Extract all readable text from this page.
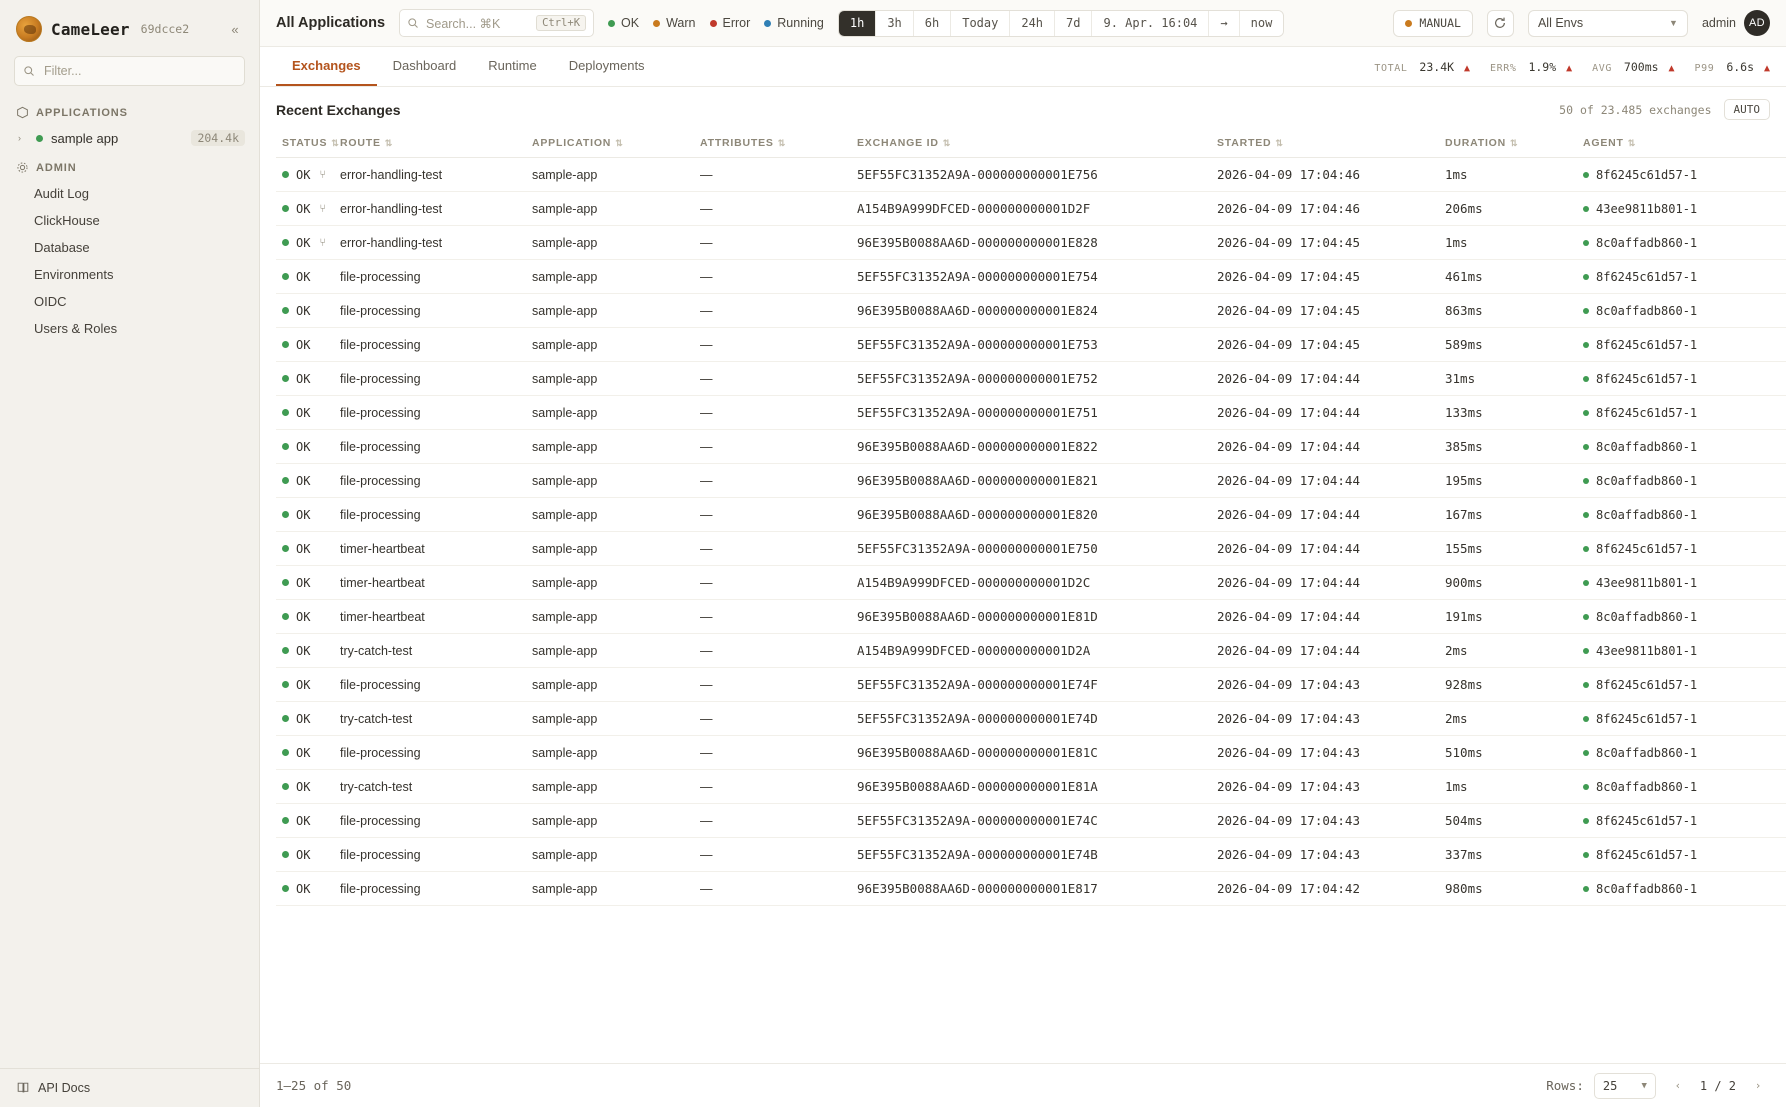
CameLeer 69dcce2	«
Filter...
APPLICATIONS
›	sample app	204.4k
ADMIN
Audit Log
ClickHouse
Database
Environments
OIDC
Users & Roles
API Docs
All Applications	Search... ⌘K	Ctrl+K	OK Warn Error Running	1h	3h	6h	Today	24h	7d	9. Apr. 16:04	→	now	MANUAL	All Envs	▼ admin	AD
Exchanges	Dashboard	Runtime	Deployments	TOTAL 23.4K ▲ ERR% 1.9% ▲ AVG 700ms ▲ P99 6.6s ▲
Recent Exchanges	50 of 23.485 exchanges	AUTO
STATUS ⇅	ROUTE ⇅	APPLICATION ⇅	ATTRIBUTES ⇅	EXCHANGE ID ⇅	STARTED ⇅	DURATION ⇅	AGENT ⇅

OK ⑂	error-handling-test	sample-app	—	5EF55FC31352A9A-000000000001E756	2026-04-09 17:04:46	1ms	8f6245c61d57-1

OK ⑂	error-handling-test	sample-app	—	A154B9A999DFCED-000000000001D2F	2026-04-09 17:04:46	206ms	43ee9811b801-1

OK ⑂	error-handling-test	sample-app	—	96E395B0088AA6D-000000000001E828	2026-04-09 17:04:45	1ms	8c0affadb860-1

OK	file-processing	sample-app	—	5EF55FC31352A9A-000000000001E754	2026-04-09 17:04:45	461ms	8f6245c61d57-1

OK	file-processing	sample-app	—	96E395B0088AA6D-000000000001E824	2026-04-09 17:04:45	863ms	8c0affadb860-1

OK	file-processing	sample-app	—	5EF55FC31352A9A-000000000001E753	2026-04-09 17:04:45	589ms	8f6245c61d57-1

OK	file-processing	sample-app	—	5EF55FC31352A9A-000000000001E752	2026-04-09 17:04:44	31ms	8f6245c61d57-1

OK	file-processing	sample-app	—	5EF55FC31352A9A-000000000001E751	2026-04-09 17:04:44	133ms	8f6245c61d57-1

OK	file-processing	sample-app	—	96E395B0088AA6D-000000000001E822	2026-04-09 17:04:44	385ms	8c0affadb860-1

OK	file-processing	sample-app	—	96E395B0088AA6D-000000000001E821	2026-04-09 17:04:44	195ms	8c0affadb860-1

OK	file-processing	sample-app	—	96E395B0088AA6D-000000000001E820	2026-04-09 17:04:44	167ms	8c0affadb860-1

OK	timer-heartbeat	sample-app	—	5EF55FC31352A9A-000000000001E750	2026-04-09 17:04:44	155ms	8f6245c61d57-1

OK	timer-heartbeat	sample-app	—	A154B9A999DFCED-000000000001D2C	2026-04-09 17:04:44	900ms	43ee9811b801-1

OK	timer-heartbeat	sample-app	—	96E395B0088AA6D-000000000001E81D	2026-04-09 17:04:44	191ms	8c0affadb860-1

OK	try-catch-test	sample-app	—	A154B9A999DFCED-000000000001D2A	2026-04-09 17:04:44	2ms	43ee9811b801-1

OK	file-processing	sample-app	—	5EF55FC31352A9A-000000000001E74F	2026-04-09 17:04:43	928ms	8f6245c61d57-1

OK	try-catch-test	sample-app	—	5EF55FC31352A9A-000000000001E74D	2026-04-09 17:04:43	2ms	8f6245c61d57-1

OK	file-processing	sample-app	—	96E395B0088AA6D-000000000001E81C	2026-04-09 17:04:43	510ms	8c0affadb860-1

OK	try-catch-test	sample-app	—	96E395B0088AA6D-000000000001E81A	2026-04-09 17:04:43	1ms	8c0affadb860-1

OK	file-processing	sample-app	—	5EF55FC31352A9A-000000000001E74C	2026-04-09 17:04:43	504ms	8f6245c61d57-1

OK	file-processing	sample-app	—	5EF55FC31352A9A-000000000001E74B	2026-04-09 17:04:43	337ms	8f6245c61d57-1

OK	file-processing	sample-app	—	96E395B0088AA6D-000000000001E817	2026-04-09 17:04:42	980ms	8c0affadb860-1
1–25 of 50	Rows: 25	▼	‹	1 / 2	›
